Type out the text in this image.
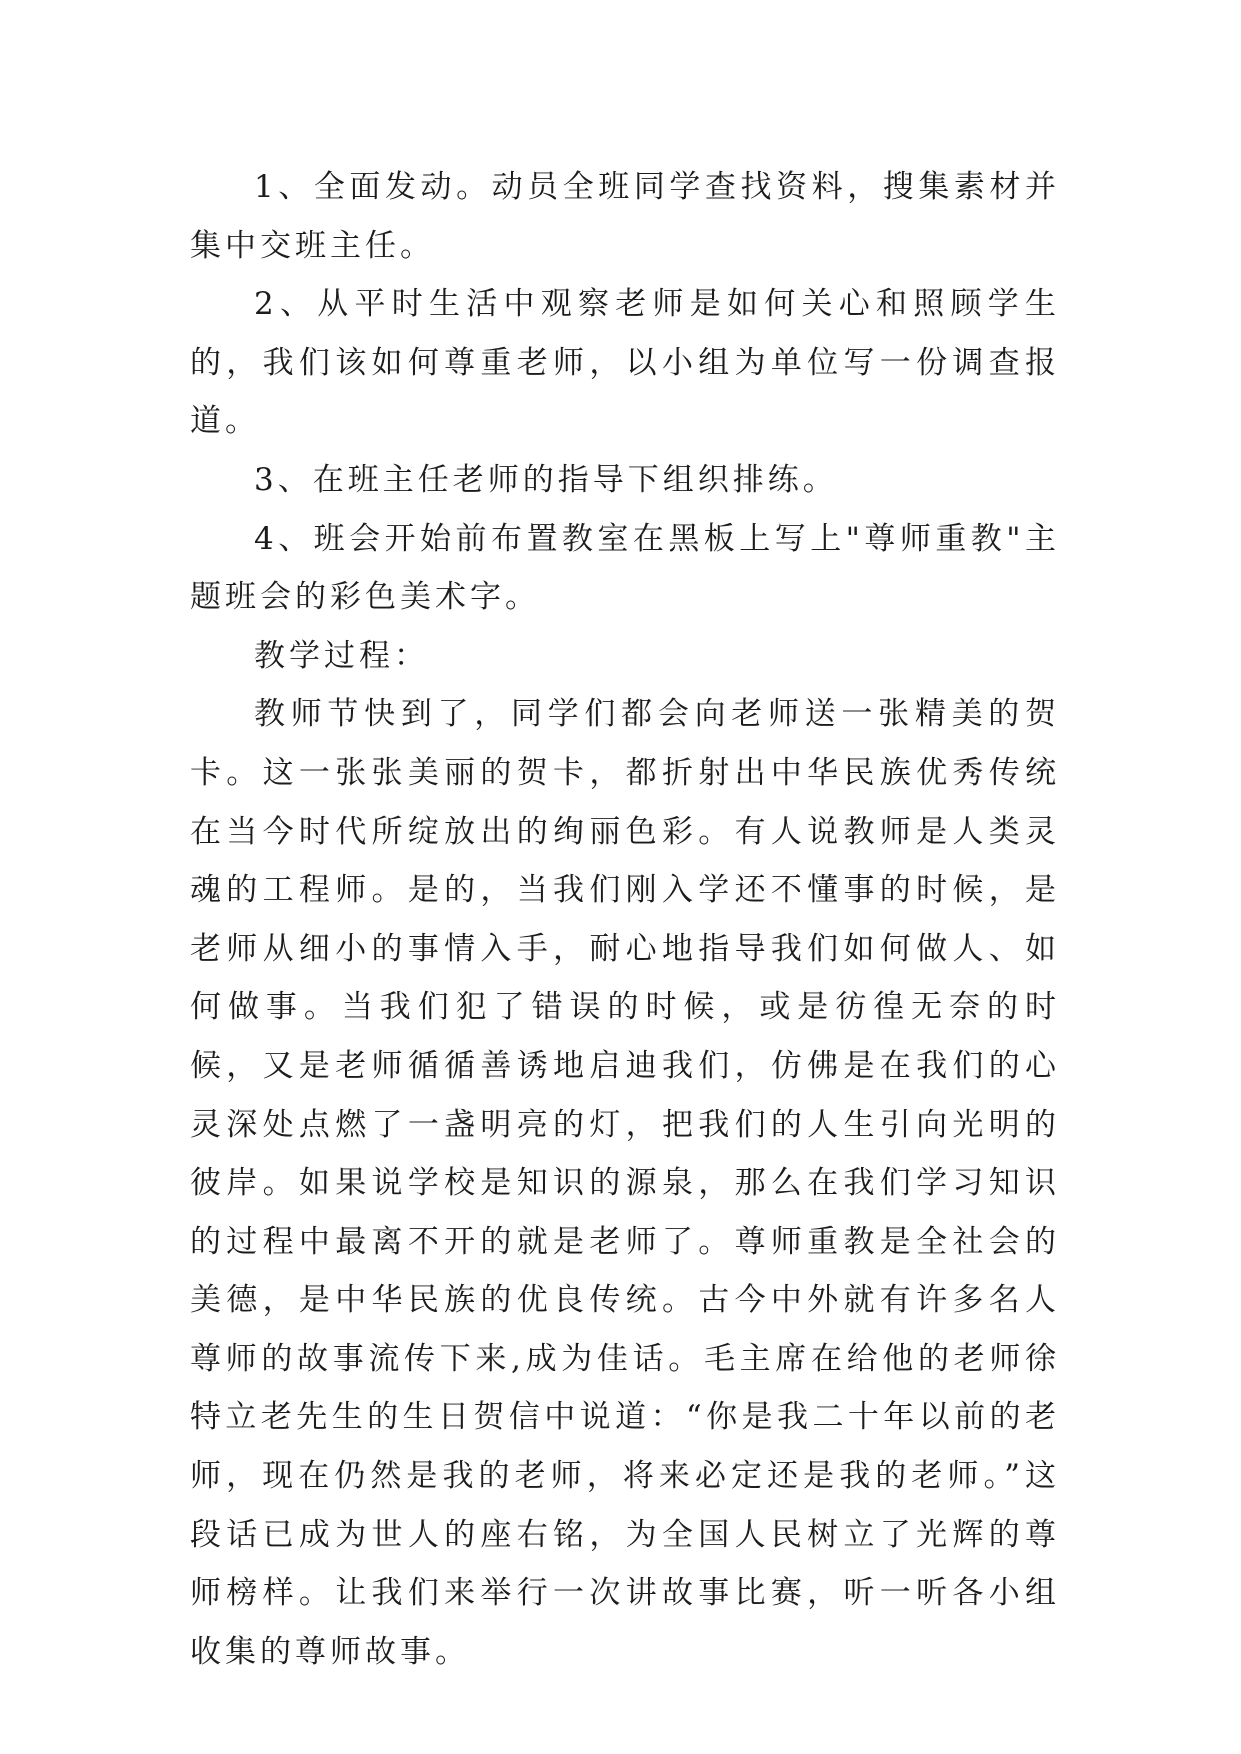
1、全面发动。动员全班同学查找资料，搜集素材并集中交班主任。

2、从平时生活中观察老师是如何关心和照顾学生的，我们该如何尊重老师，以小组为单位写一份调查报道。

3、在班主任老师的指导下组织排练。

4、班会开始前布置教室在黑板上写上"尊师重教"主题班会的彩色美术字。

教学过程：

教师节快到了，同学们都会向老师送一张精美的贺卡。这一张张美丽的贺卡，都折射出中华民族优秀传统在当今时代所绽放出的绚丽色彩。有人说教师是人类灵魂的工程师。是的，当我们刚入学还不懂事的时候，是老师从细小的事情入手，耐心地指导我们如何做人、如何做事。当我们犯了错误的时候，或是彷徨无奈的时候，又是老师循循善诱地启迪我们，仿佛是在我们的心灵深处点燃了一盏明亮的灯，把我们的人生引向光明的彼岸。如果说学校是知识的源泉，那么在我们学习知识的过程中最离不开的就是老师了。尊师重教是全社会的美德，是中华民族的优良传统。古今中外就有许多名人尊师的故事流传下来,成为佳话。毛主席在给他的老师徐特立老先生的生日贺信中说道：“你是我二十年以前的老师，现在仍然是我的老师，将来必定还是我的老师。”这段话已成为世人的座右铭，为全国人民树立了光辉的尊师榜样。让我们来举行一次讲故事比赛，听一听各小组收集的尊师故事。
